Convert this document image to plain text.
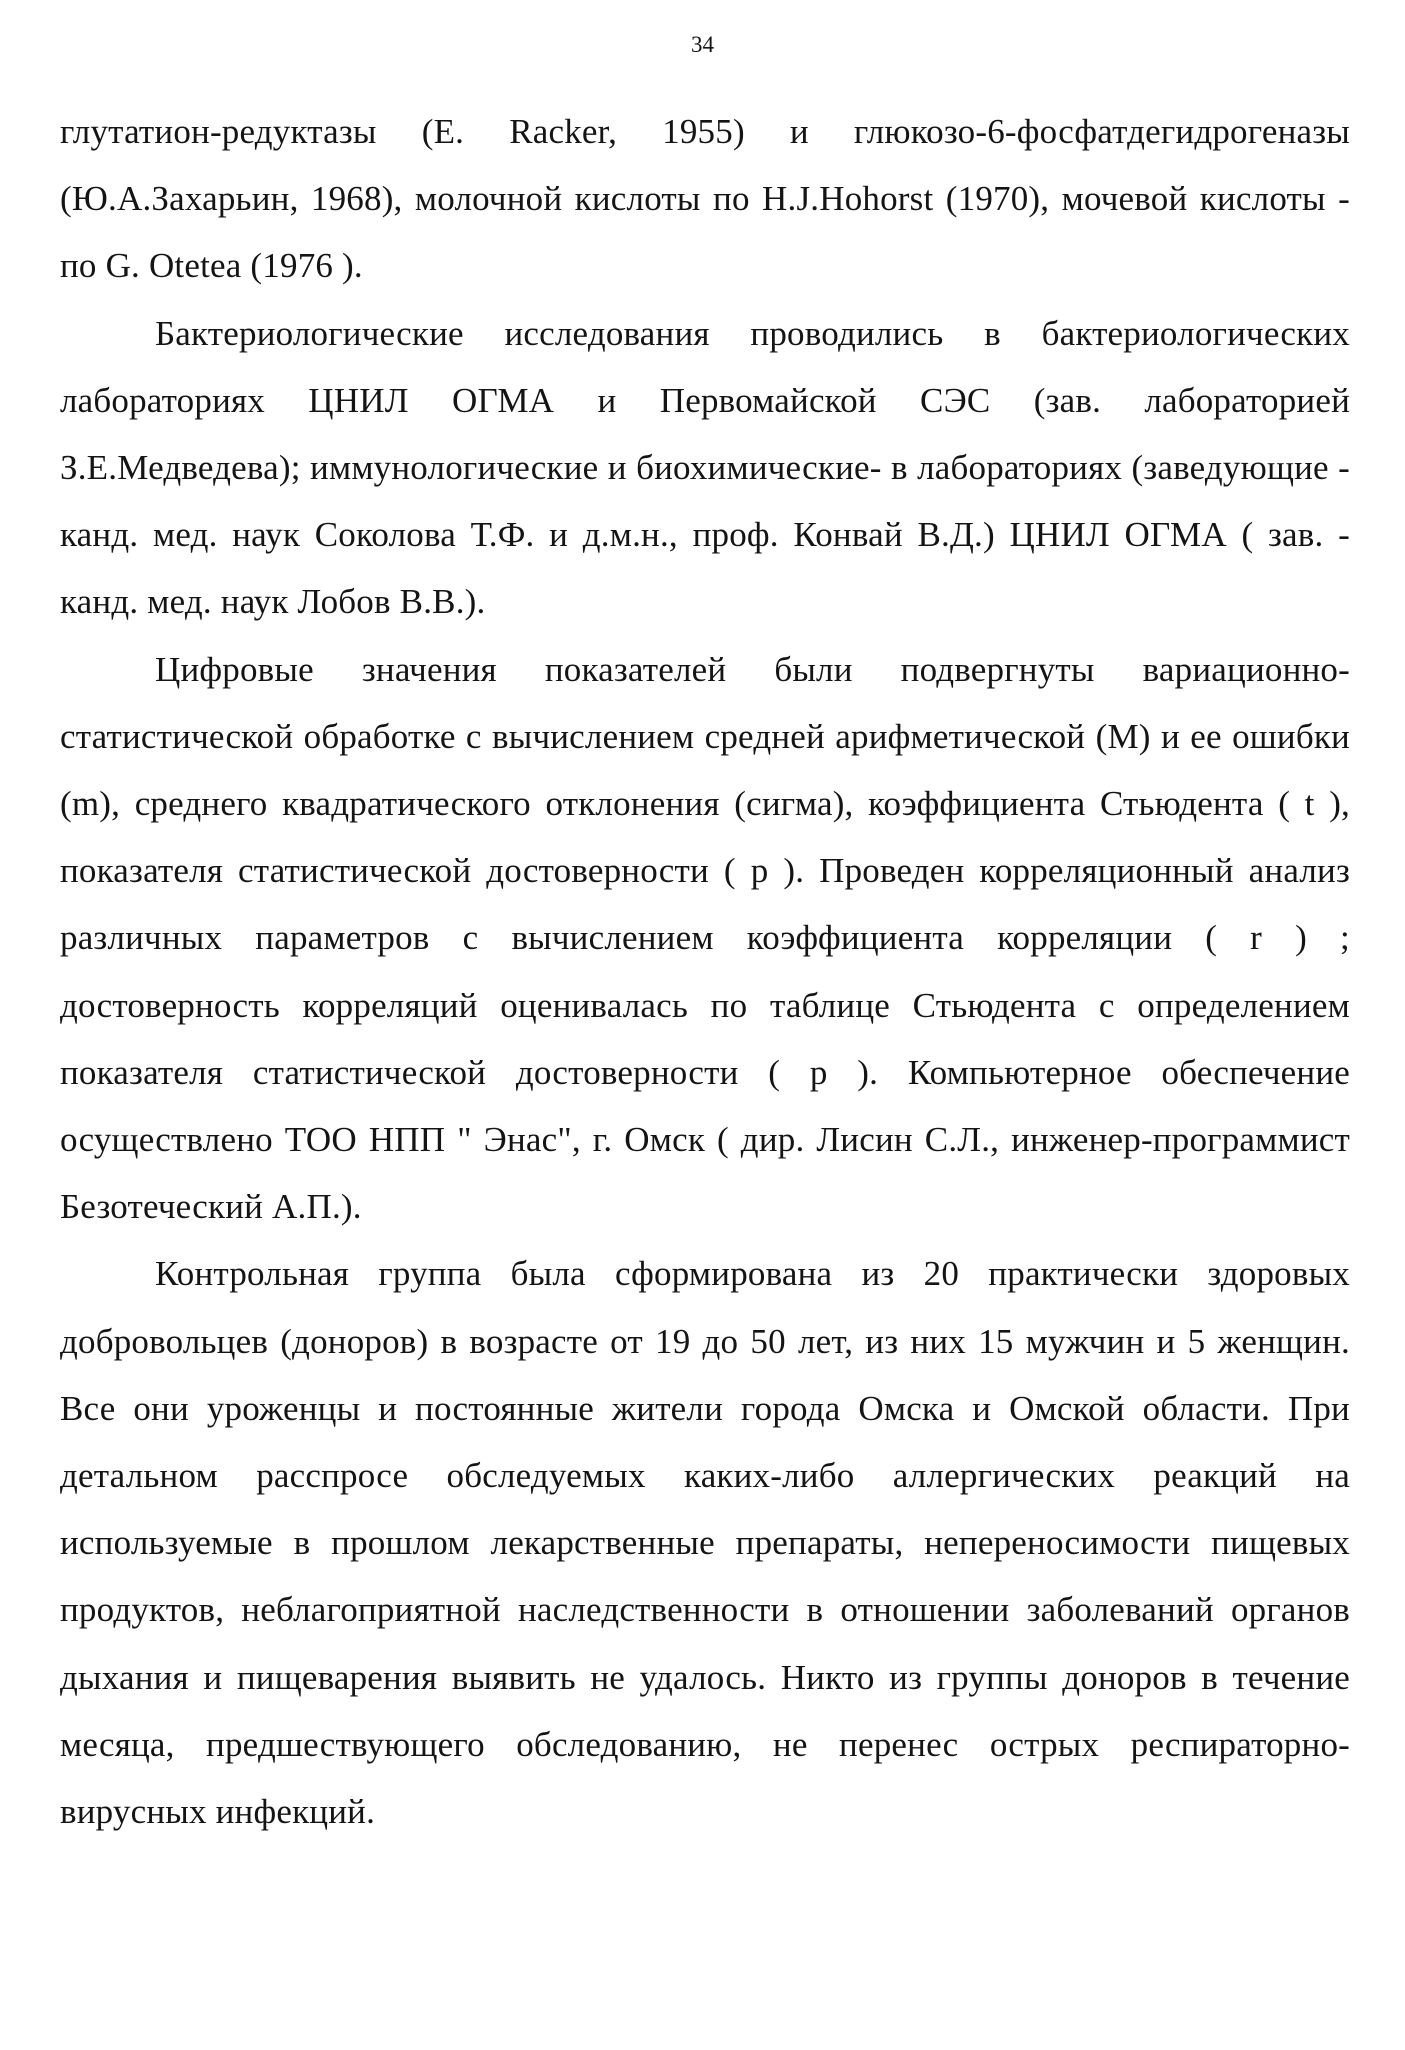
34

глутатион-редуктазы (E. Racker, 1955) и глюкозо-6-фосфатдегидрогеназы (Ю.А.Захарьин, 1968), молочной кислоты по H.J.Hohorst (1970), мочевой кислоты - по G. Otetea (1976 ).

Бактериологические исследования проводились в бактериологических лабораториях ЦНИЛ ОГМА и Первомайской СЭС (зав. лабораторией З.Е.Медведева); иммунологические и биохимические- в лабораториях (заведующие - канд. мед. наук Соколова Т.Ф. и д.м.н., проф. Конвай В.Д.) ЦНИЛ ОГМА ( зав. - канд. мед. наук Лобов В.В.).

Цифровые значения показателей были подвергнуты вариационно-статистической обработке с вычислением средней арифметической (М) и ее ошибки (m), среднего квадратического отклонения (сигма), коэффициента Стьюдента ( t ), показателя статистической достоверности ( p ). Проведен корреляционный анализ различных параметров с вычислением коэффициента корреляции ( r ) ; достоверность корреляций оценивалась по таблице Стьюдента с определением показателя статистической достоверности ( p ). Компьютерное обеспечение осуществлено ТОО НПП " Энас", г. Омск ( дир. Лисин С.Л., инженер-программист Безотеческий А.П.).

Контрольная группа была сформирована из 20 практически здоровых добровольцев (доноров) в возрасте от 19 до 50 лет, из них 15 мужчин и 5 женщин. Все они уроженцы и постоянные жители города Омска и Омской области. При детальном расспросе обследуемых каких-либо аллергических реакций на используемые в прошлом лекарственные препараты, непереносимости пищевых продуктов, неблагоприятной наследственности в отношении заболеваний органов дыхания и пищеварения выявить не удалось. Никто из группы доноров в течение месяца, предшествующего обследованию, не перенес острых респираторно-вирусных инфекций.
